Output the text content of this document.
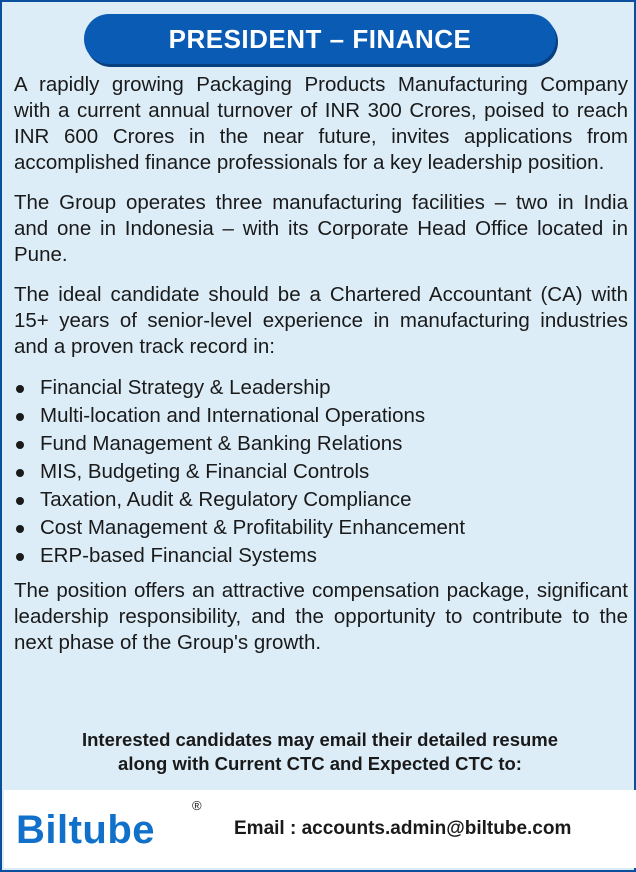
PRESIDENT – FINANCE

A rapidly growing Packaging Products Manufacturing Company with a current annual turnover of INR 300 Crores, poised to reach INR 600 Crores in the near future, invites applications from accomplished finance professionals for a key leadership position.

The Group operates three manufacturing facilities – two in India and one in Indonesia – with its Corporate Head Office located in Pune.

The ideal candidate should be a Chartered Accountant (CA) with 15+ years of senior-level experience in manufacturing industries and a proven track record in:

Financial Strategy & Leadership
Multi-location and International Operations
Fund Management & Banking Relations
MIS, Budgeting & Financial Controls
Taxation, Audit & Regulatory Compliance
Cost Management & Profitability Enhancement
ERP-based Financial Systems

The position offers an attractive compensation package, significant leadership responsibility, and the opportunity to contribute to the next phase of the Group's growth.

Interested candidates may email their detailed resume
along with Current CTC and Expected CTC to:
Biltube
®
Email : accounts.admin@biltube.com
